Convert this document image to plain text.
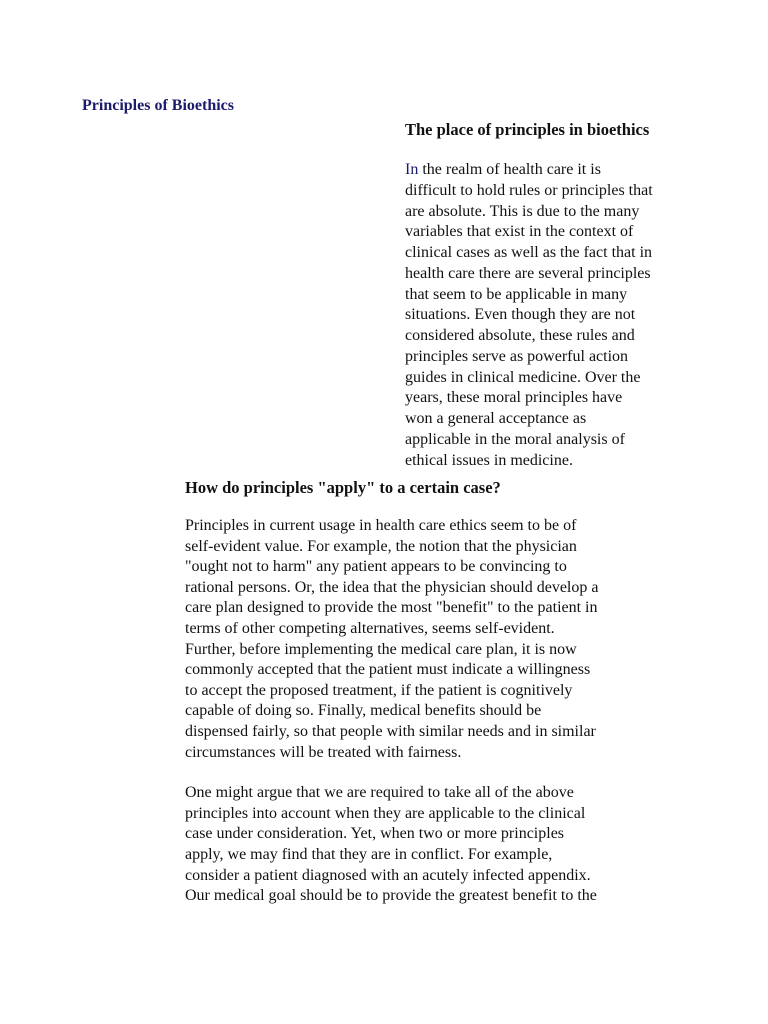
Principles of Bioethics
The place of principles in bioethics

In the realm of health care it is
difficult to hold rules or principles that
are absolute. This is due to the many
variables that exist in the context of
clinical cases as well as the fact that in
health care there are several principles
that seem to be applicable in many
situations. Even though they are not
considered absolute, these rules and
principles serve as powerful action
guides in clinical medicine. Over the
years, these moral principles have
won a general acceptance as
applicable in the moral analysis of
ethical issues in medicine.

How do principles "apply" to a certain case?

Principles in current usage in health care ethics seem to be of
self-evident value. For example, the notion that the physician
"ought not to harm" any patient appears to be convincing to
rational persons. Or, the idea that the physician should develop a
care plan designed to provide the most "benefit" to the patient in
terms of other competing alternatives, seems self-evident.
Further, before implementing the medical care plan, it is now
commonly accepted that the patient must indicate a willingness
to accept the proposed treatment, if the patient is cognitively
capable of doing so. Finally, medical benefits should be
dispensed fairly, so that people with similar needs and in similar
circumstances will be treated with fairness.

One might argue that we are required to take all of the above
principles into account when they are applicable to the clinical
case under consideration. Yet, when two or more principles
apply, we may find that they are in conflict. For example,
consider a patient diagnosed with an acutely infected appendix.
Our medical goal should be to provide the greatest benefit to the
